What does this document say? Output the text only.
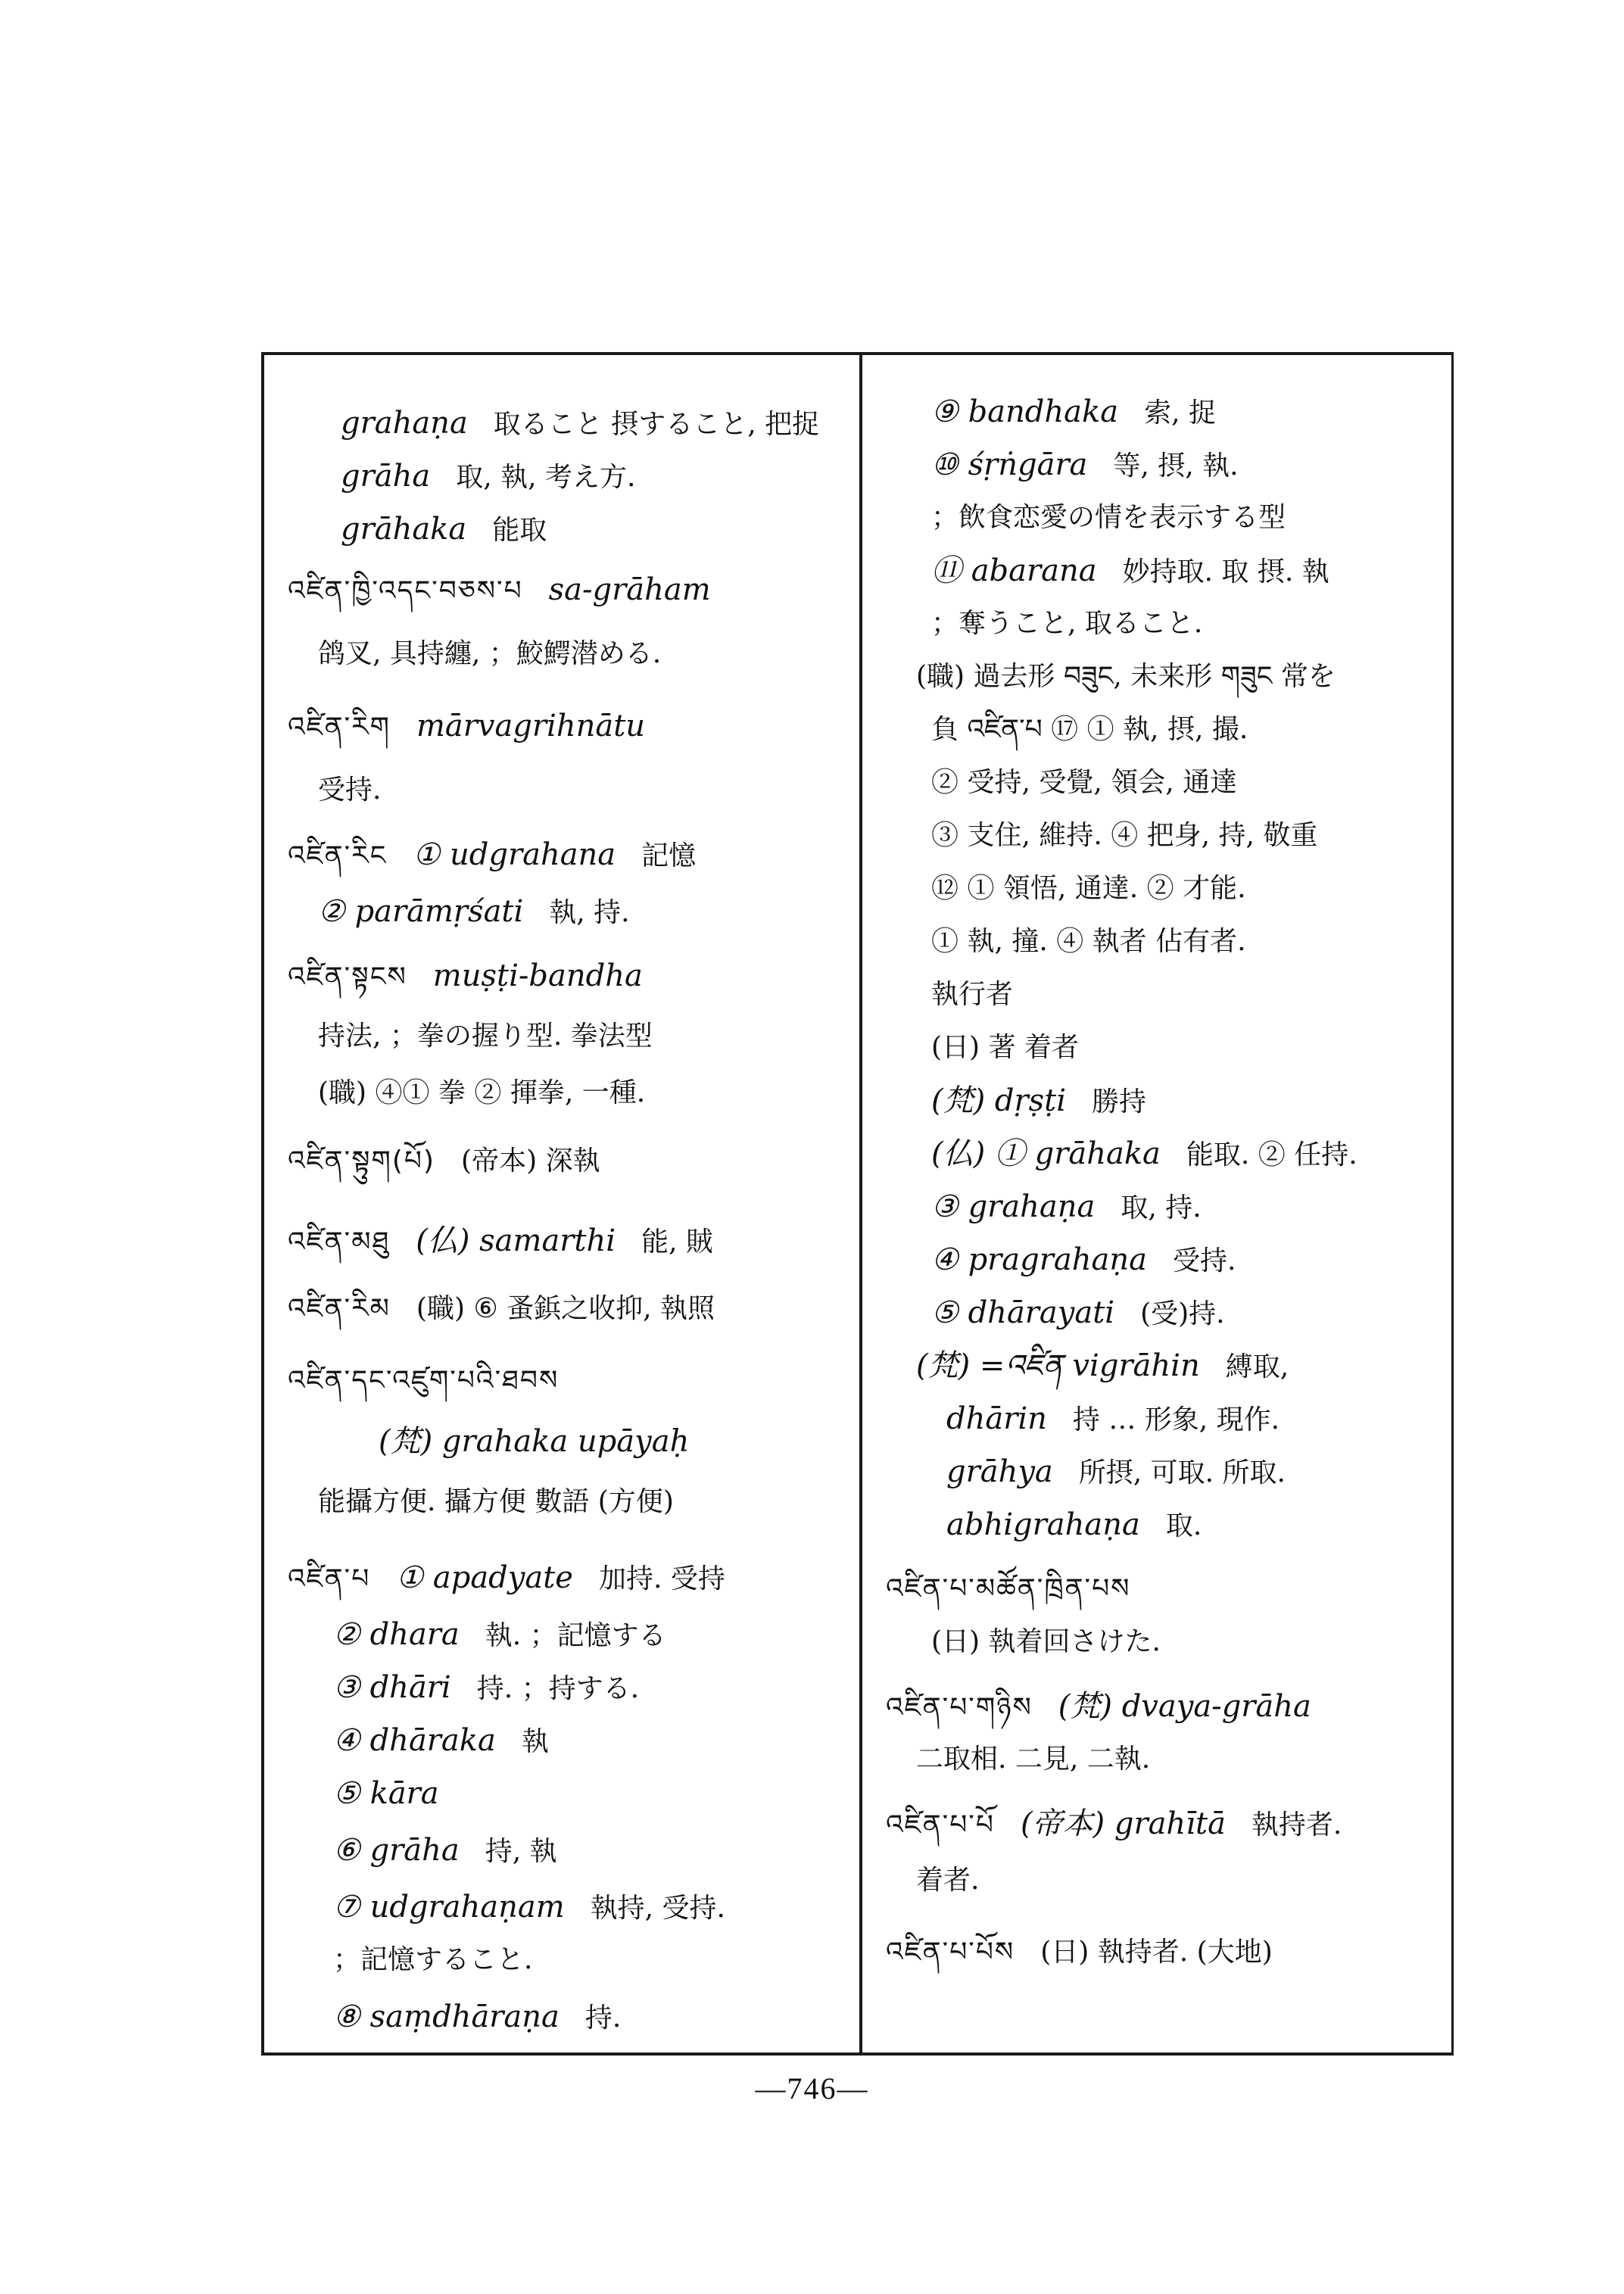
grahaṇa 取ること 摂すること, 把捉
grāha 取, 執, 考え方.
grāhaka 能取
འཛིན་ཁྱི་འདང་བཅས་པ sa-grāham
鸽叉, 具持纏, ；鮫鰐潜める.
འཛིན་རིག mārvagrihnātu
受持.
འཛིན་རིང ① udgrahana 記憶
② parāmṛśati 執, 持.
འཛིན་སྟངས muṣṭi-bandha
持法, ；拳の握り型. 拳法型
(職) ④① 拳 ② 揮拳, 一種.
འཛིན་སྟུག(པོ) (帝本) 深執
འཛིན་མཐུ (仏) samarthi 能, 賊
འཛིན་རིམ (職) ⑥ 蚤鋲之收抑, 執照
འཛིན་དང་འཛུག་པའི་ཐབས
(梵) grahaka upāyaḥ
能攝方便. 攝方便 數語 (方便)
འཛིན་པ ① apadyate 加持. 受持
② dhara 執. ；記憶する
③ dhāri 持. ；持する.
④ dhāraka 執
⑤ kāra
⑥ grāha 持, 執
⑦ udgrahaṇam 執持, 受持.
；記憶すること.
⑧ saṃdhāraṇa 持.
⑨ bandhaka 索, 捉
⑩ śṛṅgāra 等, 摂, 執.
；飲食恋愛の情を表示する型
⑪ abarana 妙持取. 取 摂. 執
；奪うこと, 取ること.
(職) 過去形 བཟུང, 未来形 གཟུང 常を
負 འཛིན་པ ⑰ ① 執, 摂, 撮.
② 受持, 受覺, 領会, 通達
③ 支住, 維持. ④ 把身, 持, 敬重
⑫ ① 領悟, 通達. ② 才能.
① 執, 撞. ④ 執者 佔有者.
執行者
(日) 著 着者
(梵) dṛṣṭi 勝持
(仏) ① grāhaka 能取. ② 任持.
③ grahaṇa 取, 持.
④ pragrahaṇa 受持.
⑤ dhārayati (受)持.
(梵) =འཛིན vigrāhin 縛取,
dhārin 持 … 形象, 現作.
grāhya 所摂, 可取. 所取.
abhigrahaṇa 取.
འཛིན་པ་མཚོན་ཁྲིན་པས
(日) 執着回さけた.
འཛིན་པ་གཉིས (梵) dvaya-grāha
二取相. 二見, 二執.
འཛིན་པ་པོ (帝本) grahītā 執持者.
着者.
འཛིན་པ་པོས (日) 執持者. (大地)
—746—
